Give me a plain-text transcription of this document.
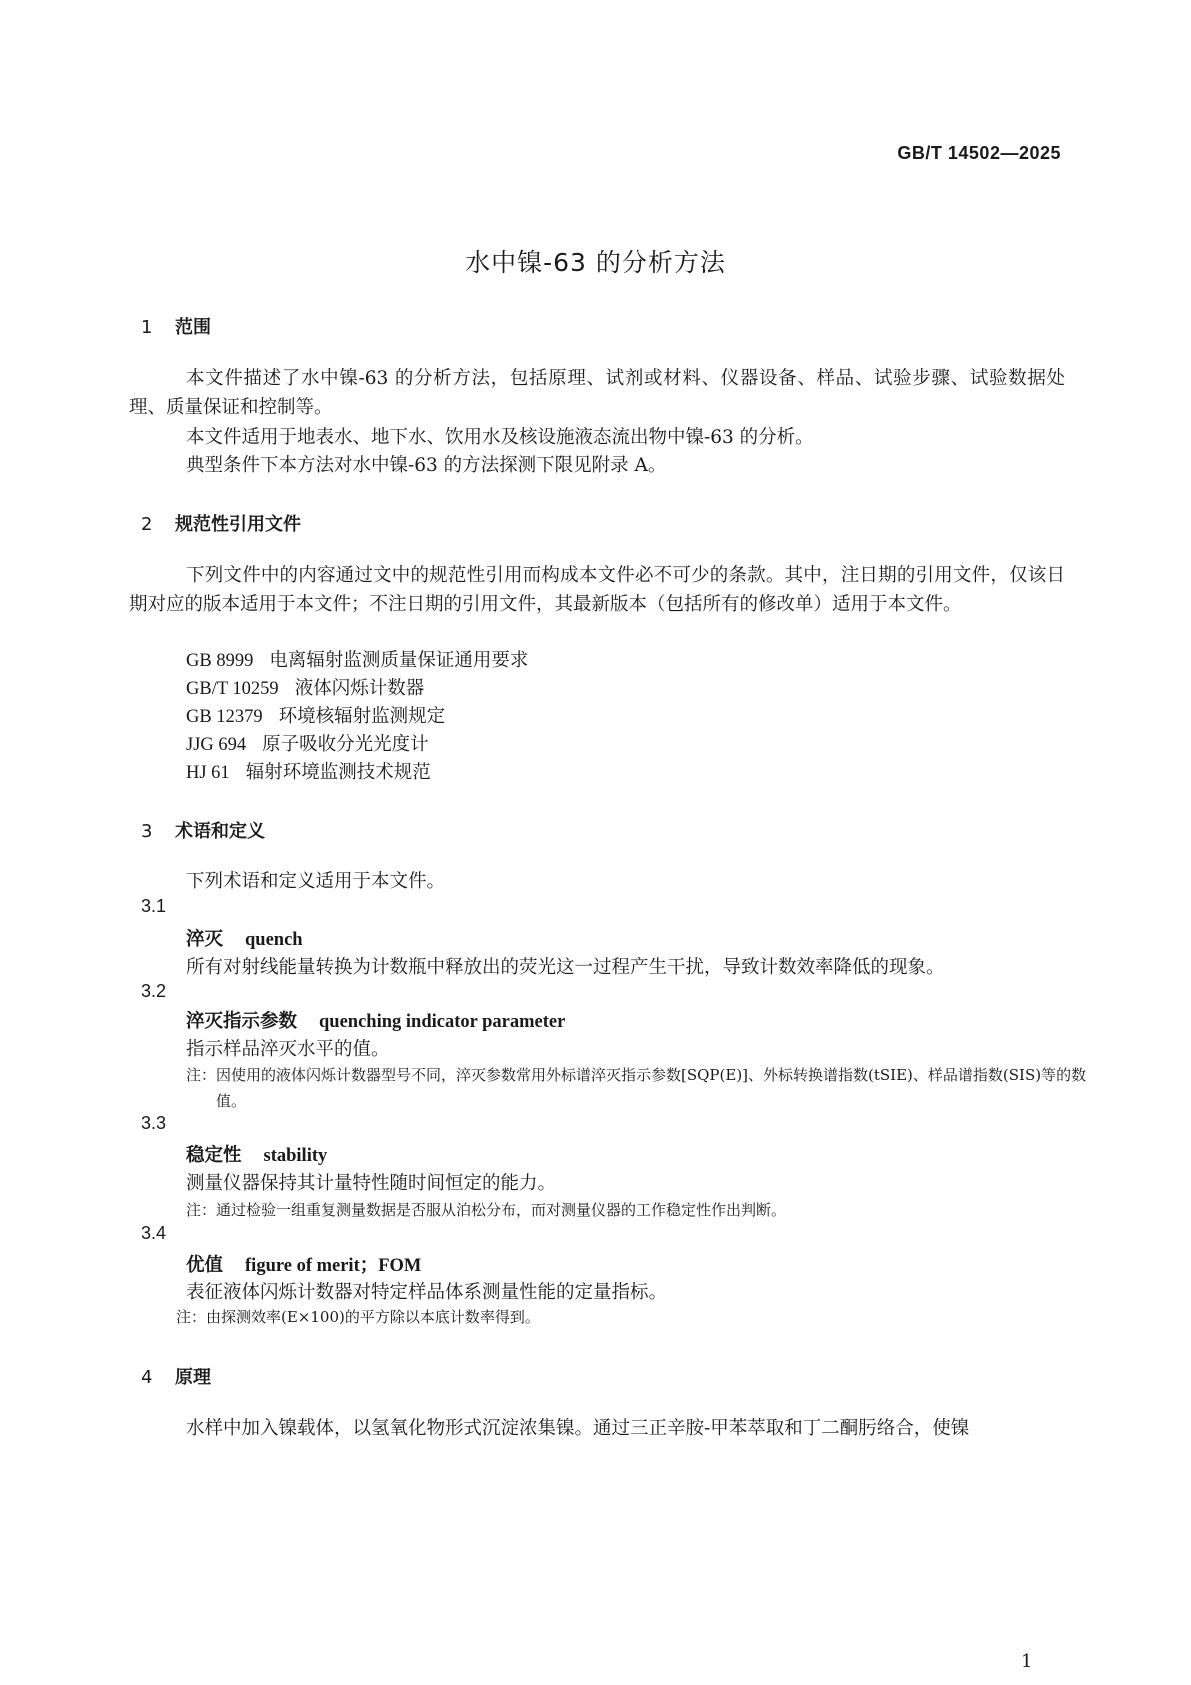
GB/T 14502—2025
水中镍-63 的分析方法
1 范围

本文件描述了水中镍-63 的分析方法，包括原理、试剂或材料、仪器设备、样品、试验步骤、试验数据处理、质量保证和控制等。

本文件适用于地表水、地下水、饮用水及核设施液态流出物中镍-63 的分析。
典型条件下本方法对水中镍-63 的方法探测下限见附录 A。
2 规范性引用文件

下列文件中的内容通过文中的规范性引用而构成本文件必不可少的条款。其中，注日期的引用文件，仅该日期对应的版本适用于本文件；不注日期的引用文件，其最新版本（包括所有的修改单）适用于本文件。

GB 8999 电离辐射监测质量保证通用要求
GB/T 10259 液体闪烁计数器
GB 12379 环境核辐射监测规定
JJG 694 原子吸收分光光度计
HJ 61 辐射环境监测技术规范
3 术语和定义
下列术语和定义适用于本文件。
3.1
淬灭 quench
所有对射线能量转换为计数瓶中释放出的荧光这一过程产生干扰，导致计数效率降低的现象。
3.2
淬灭指示参数 quenching indicator parameter
指示样品淬灭水平的值。

注：因使用的液体闪烁计数器型号不同，淬灭参数常用外标谱淬灭指示参数[SQP(E)]、外标转换谱指数(tSIE)、样品谱指数(SIS)等的数值。

3.3
稳定性 stability
测量仪器保持其计量特性随时间恒定的能力。

注：通过检验一组重复测量数据是否服从泊松分布，而对测量仪器的工作稳定性作出判断。

3.4
优值 figure of merit；FOM
表征液体闪烁计数器对特定样品体系测量性能的定量指标。

注：由探测效率(E×100)的平方除以本底计数率得到。

4 原理
水样中加入镍载体，以氢氧化物形式沉淀浓集镍。通过三正辛胺-甲苯萃取和丁二酮肟络合，使镍
1
